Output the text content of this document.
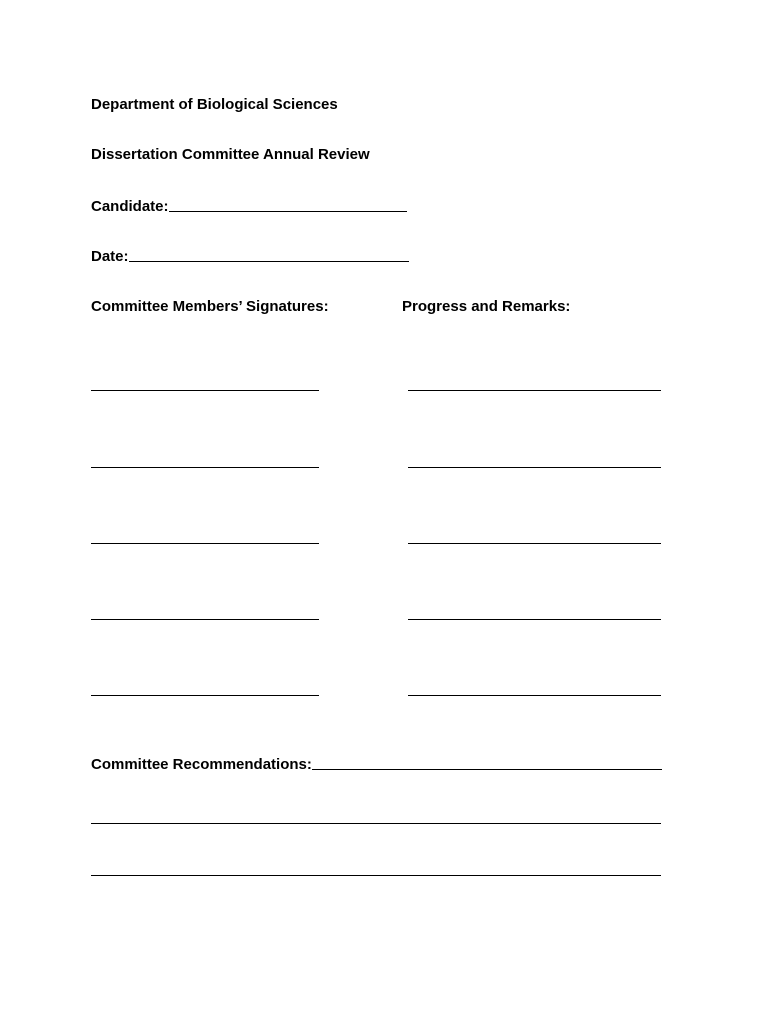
Department of Biological Sciences
Dissertation Committee Annual Review
Candidate:
Date:
Committee Members’ Signatures:	Progress and Remarks:
Committee Recommendations:
